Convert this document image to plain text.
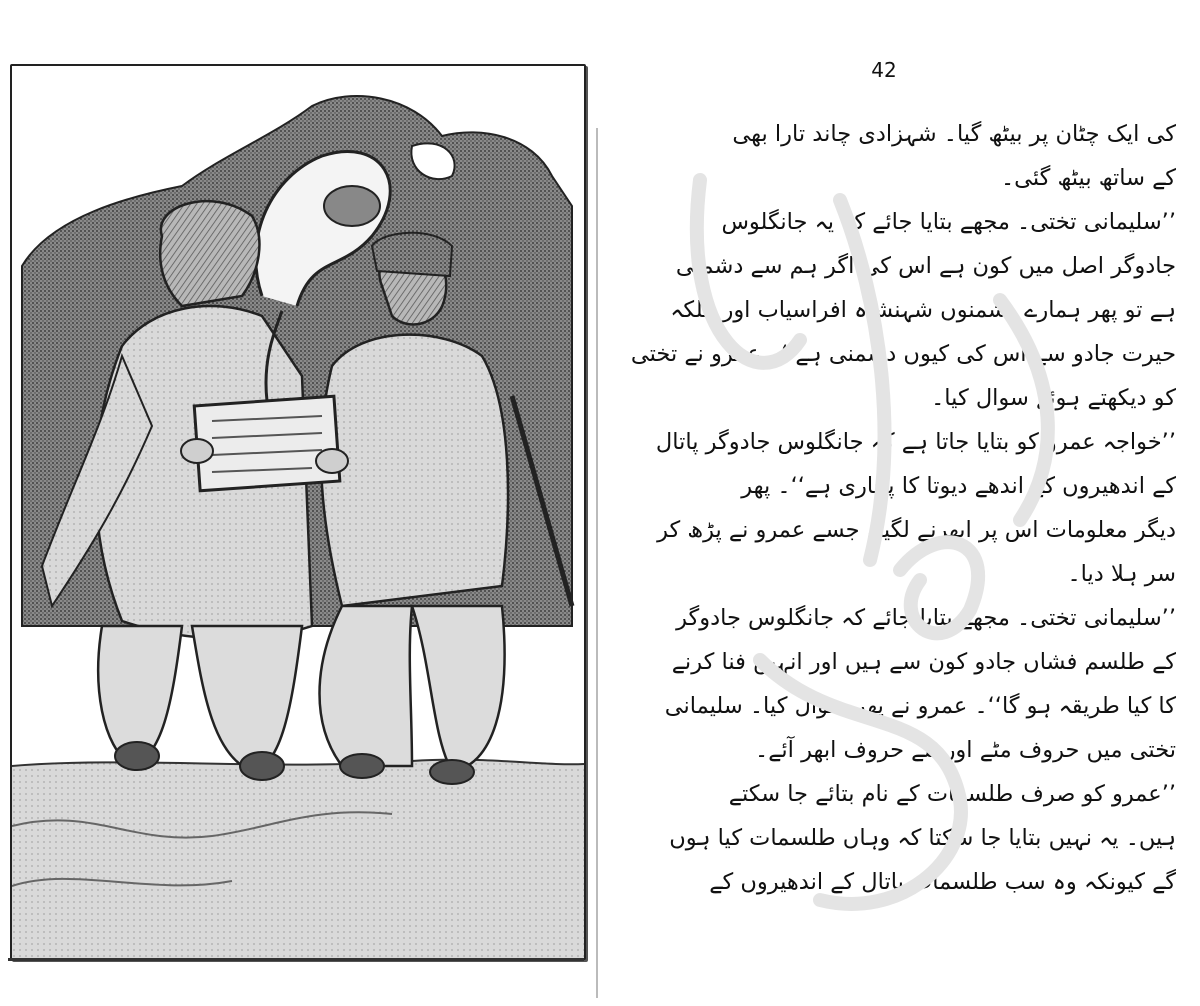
42
کی ایک چٹان پر بیٹھ گیا۔ شہزادی چاند تارا بھی
کے ساتھ بیٹھ گئی۔
’’سلیمانی تختی۔ مجھے بتایا جائے کہ یہ جانگلوس
جادوگر اصل میں کون ہے اس کی اگر ہم سے دشمنی
ہے تو پھر ہمارے دشمنوں شہنشاہ افراسیاب اور ملکہ
حیرت جادو سے اس کی کیوں دشمنی ہے‘‘۔ عمرو نے تختی
کو دیکھتے ہوئے سوال کیا۔
’’خواجہ عمرو کو بتایا جاتا ہے کہ جانگلوس جادوگر پاتال
کے اندھیروں کے اندھے دیوتا کا پجاری ہے‘‘۔ پھر
دیگر معلومات اس پر ابھرنے لگیں جسے عمرو نے پڑھ کر
سر ہلا دیا۔
’’سلیمانی تختی۔ مجھے بتایا جائے کہ جانگلوس جادوگر
کے طلسم فشاں جادو کون سے ہیں اور انہیں فنا کرنے
کا کیا طریقہ ہو گا‘‘۔ عمرو نے پھر سوال کیا۔ سلیمانی
تختی میں حروف مٹے اور نئے حروف ابھر آئے۔
’’عمرو کو صرف طلسمات کے نام بتائے جا سکتے
ہیں۔ یہ نہیں بتایا جا سکتا کہ وہاں طلسمات کیا ہوں
گے کیونکہ وہ سب طلسمات پاتال کے اندھیروں کے
